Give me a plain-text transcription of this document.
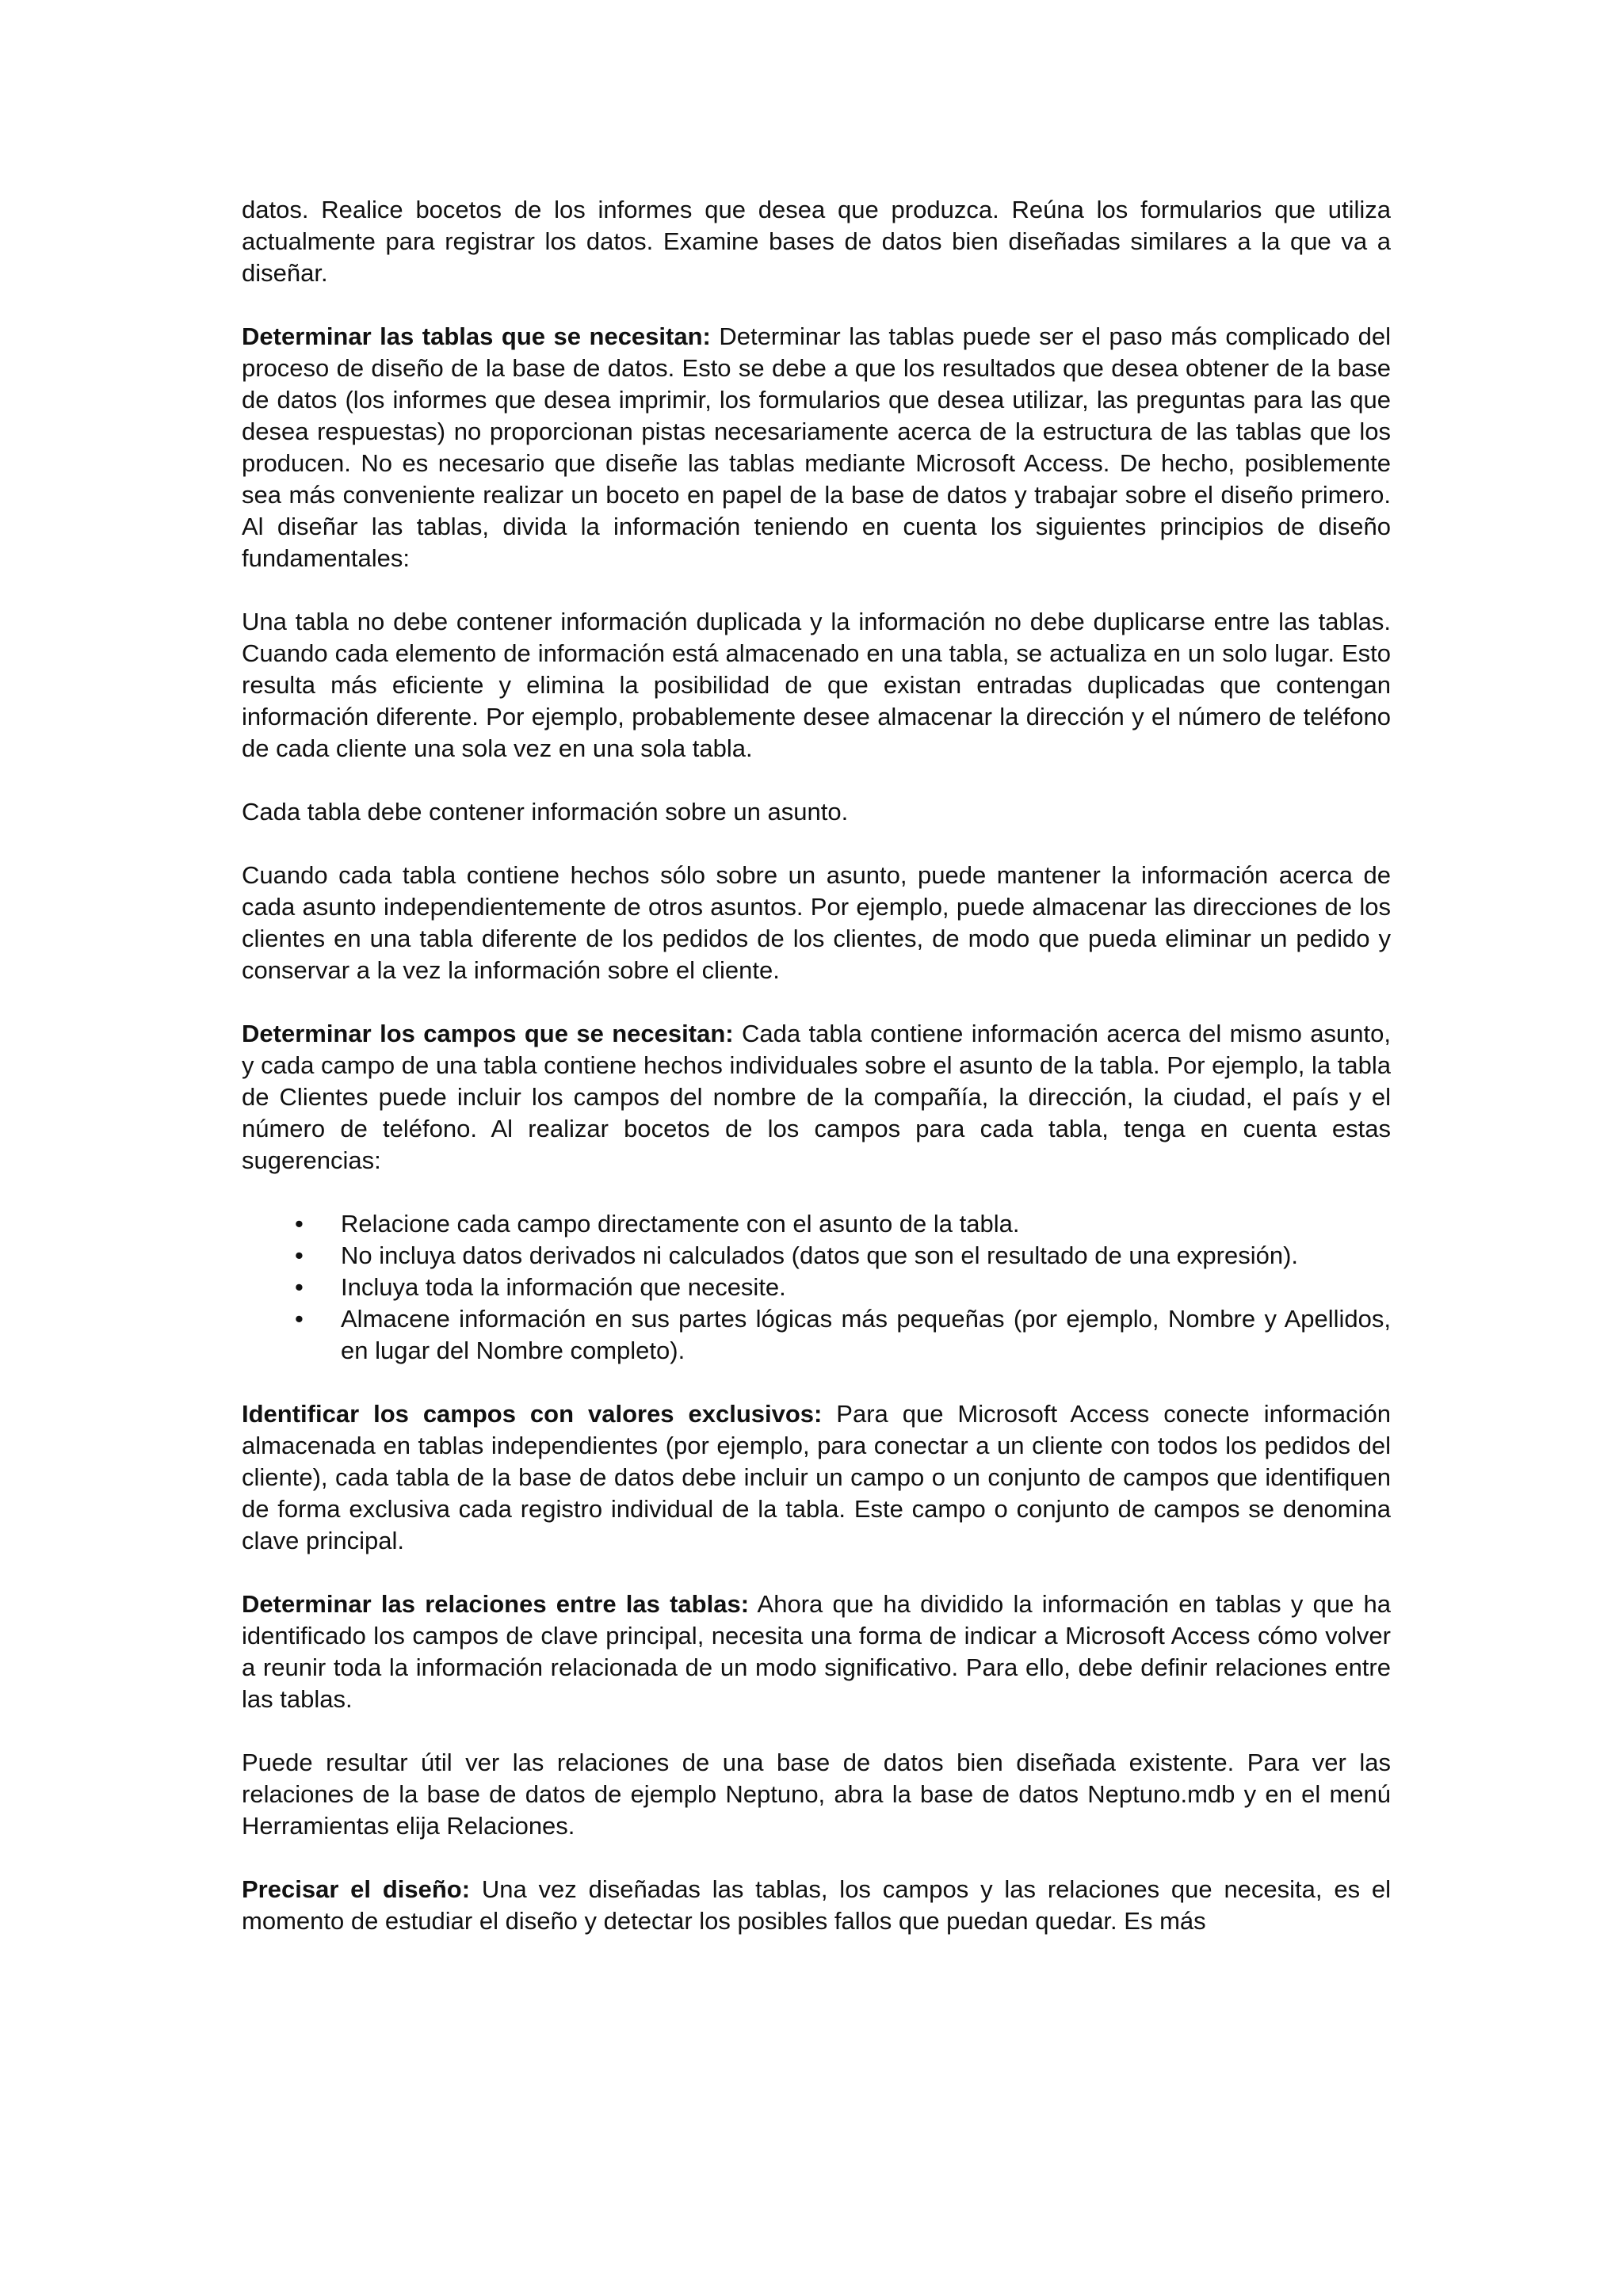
datos. Realice bocetos de los informes que desea que produzca. Reúna los formularios que utiliza actualmente para registrar los datos. Examine bases de datos bien diseñadas similares a la que va a diseñar.

Determinar las tablas que se necesitan: Determinar las tablas puede ser el paso más complicado del proceso de diseño de la base de datos. Esto se debe a que los resultados que desea obtener de la base de datos (los informes que desea imprimir, los formularios que desea utilizar, las preguntas para las que desea respuestas) no proporcionan pistas necesariamente acerca de la estructura de las tablas que los producen. No es necesario que diseñe las tablas mediante Microsoft Access. De hecho, posiblemente sea más conveniente realizar un boceto en papel de la base de datos y trabajar sobre el diseño primero. Al diseñar las tablas, divida la información teniendo en cuenta los siguientes principios de diseño fundamentales:

Una tabla no debe contener información duplicada y la información no debe duplicarse entre las tablas. Cuando cada elemento de información está almacenado en una tabla, se actualiza en un solo lugar. Esto resulta más eficiente y elimina la posibilidad de que existan entradas duplicadas que contengan información diferente. Por ejemplo, probablemente desee almacenar la dirección y el número de teléfono de cada cliente una sola vez en una sola tabla.

Cada tabla debe contener información sobre un asunto.

Cuando cada tabla contiene hechos sólo sobre un asunto, puede mantener la información acerca de cada asunto independientemente de otros asuntos. Por ejemplo, puede almacenar las direcciones de los clientes en una tabla diferente de los pedidos de los clientes, de modo que pueda eliminar un pedido y conservar a la vez la información sobre el cliente.

Determinar los campos que se necesitan: Cada tabla contiene información acerca del mismo asunto, y cada campo de una tabla contiene hechos individuales sobre el asunto de la tabla. Por ejemplo, la tabla de Clientes puede incluir los campos del nombre de la compañía, la dirección, la ciudad, el país y el número de teléfono. Al realizar bocetos de los campos para cada tabla, tenga en cuenta estas sugerencias:

• Relacione cada campo directamente con el asunto de la tabla.
• No incluya datos derivados ni calculados (datos que son el resultado de una expresión).
• Incluya toda la información que necesite.
• Almacene información en sus partes lógicas más pequeñas (por ejemplo, Nombre y Apellidos, en lugar del Nombre completo).

Identificar los campos con valores exclusivos: Para que Microsoft Access conecte información almacenada en tablas independientes (por ejemplo, para conectar a un cliente con todos los pedidos del cliente), cada tabla de la base de datos debe incluir un campo o un conjunto de campos que identifiquen de forma exclusiva cada registro individual de la tabla. Este campo o conjunto de campos se denomina clave principal.

Determinar las relaciones entre las tablas: Ahora que ha dividido la información en tablas y que ha identificado los campos de clave principal, necesita una forma de indicar a Microsoft Access cómo volver a reunir toda la información relacionada de un modo significativo. Para ello, debe definir relaciones entre las tablas.

Puede resultar útil ver las relaciones de una base de datos bien diseñada existente. Para ver las relaciones de la base de datos de ejemplo Neptuno, abra la base de datos Neptuno.mdb y en el menú Herramientas elija Relaciones.

Precisar el diseño: Una vez diseñadas las tablas, los campos y las relaciones que necesita, es el momento de estudiar el diseño y detectar los posibles fallos que puedan quedar. Es más
